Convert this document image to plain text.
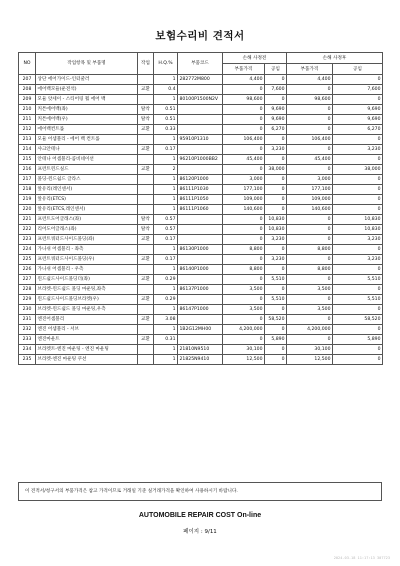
보험수리비 견적서
NO	작업항목 및 부품명	작업	H.Q.%	부품코드	손해 사정전		손해 사정후	
					부품가격	공임	부품가격	공임
207	상단 에어가이드-인터쿨러		1	282772M800	4,400	0	4,400	0
208	에어백모듈(운전석)	교환	0.4		0	7,600	0	7,600
209	모듈 앗세이 - 스티어링 휠 에어 백		1	80100P1500N2V	98,600	0	98,600	0
210	커튼에어백(좌)	탈착	0.51		0	9,690	0	9,690
211	커튼에어백(우)	탈착	0.51		0	9,690	0	9,690
212	에어백컨트롤	교환	0.33		0	6,270	0	6,270
213	모듈 어셈블리 - 에어 백 컨트롤		1	95910P1310	106,400	0	106,400	0
214	샤크안테나	교환	0.17		0	3,230	0	3,230
215	안테나 어셈블리-콤비네이션		1	96210P1000BB2	45,400	0	45,400	0
216	프런트윈드실드	교환	2		0	38,000	0	38,000
217	몰딩-윈드쉴드 글라스		1	86120P1000	3,000	0	3,000	0
218	앞유리(레인센서)		1	86111P1030	177,100	0	177,100	0
219	앞유리(ETCS)		1	86111P1050	109,000	0	109,000	0
220	앞유리(ETCS,레인센서)		1	86111P1060	140,600	0	140,600	0
221	프런트도어글래스(좌)	탈착	0.57		0	10,830	0	10,830
222	리어도어글래스(좌)	탈착	0.57		0	10,830	0	10,830
223	프런트쿼터드사이드몰딩(좌)	교환	0.17		0	3,230	0	3,230
224	가니쉬 어셈블리 - 좌측		1	86130P1000	8,800	0	8,800	0
225	프런트쿼터드사이드몰딩(우)	교환	0.17		0	3,230	0	3,230
226	가니쉬 어셈블리 - 우측		1	86140P1000	8,800	0	8,800	0
227	윈드쉴드사이드몰딩더(좌)	교환	0.29		0	5,510	0	5,510
228	브라켓-윈드쉴드 몰딩 마운팅,좌측		1	86137P1000	3,500	0	3,500	0
229	윈드쉴드사이드몰딩브라켓(우)	교환	0.29		0	5,510	0	5,510
230	브라켓-윈드쉴드 몰딩 마운팅,우측		1	86147P1000	3,500	0	3,500	0
231	엔진어셈블리	교환	3.08		0	58,520	0	58,520
232	엔진 어셈블리 - 서브		1	1B2G12MH00	4,200,000	0	4,200,000	0
233	엔진마운트	교환	0.31		0	5,890	0	5,890
234	브라켓트-엔진 마운팅 - 엔진 마운팅		1	21810N9510	30,100	0	30,100	0
235	브라켓-엔진 마운팅 쿠션		1	21825N9410	12,500	0	12,500	0
이 견적서/청구서의 부품가격은 참고 가격이므로 거래일 기준 실거래가격을 확인하여 사용하시기 바랍니다.
AUTOMOBILE REPAIR COST On-line
페이지 : 9/11
2024-03-18 11:17:13 307723
